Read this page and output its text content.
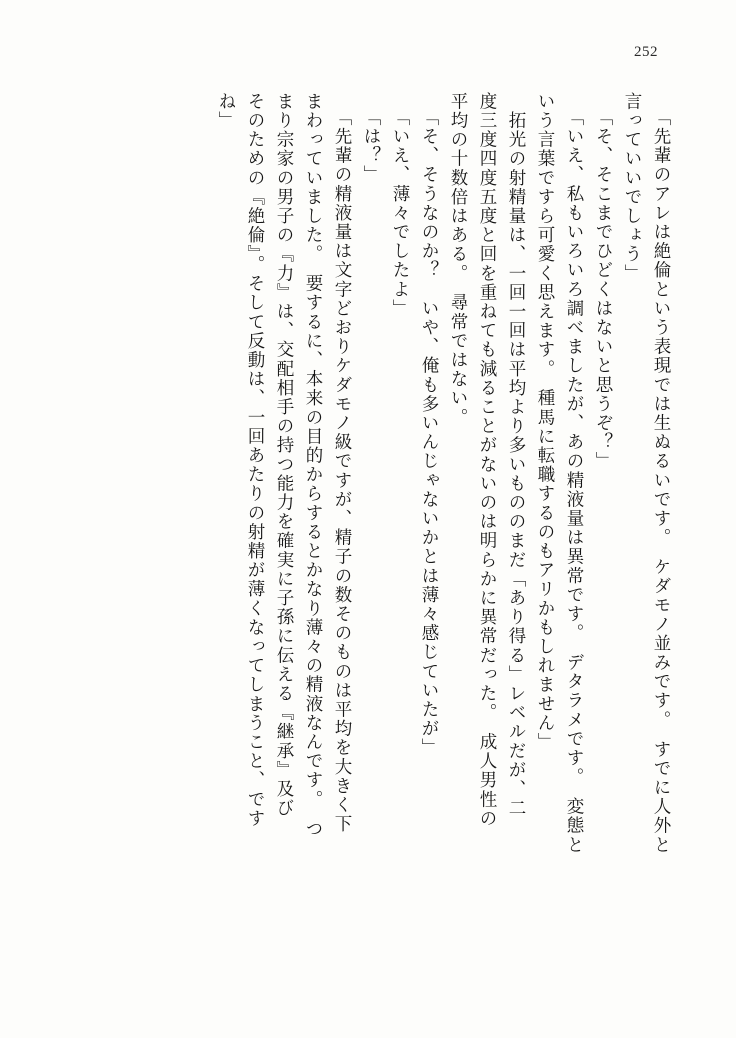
252
「先輩のアレは絶倫という表現では生ぬるいです。　ケダモノ並みです。　すでに人外と
言っていいでしょう」
「そ、そこまでひどくはないと思うぞ？」
「いえ、私もいろいろ調べましたが、あの精液量は異常です。　デタラメです。　変態と
いう言葉ですら可愛く思えます。　種馬に転職するのもアリかもしれません」
　拓光の射精量は、一回一回は平均より多いもののまだ「あり得る」レベルだが、二
度三度四度五度と回を重ねても減ることがないのは明らかに異常だった。　成人男性の
平均の十数倍はある。　尋常ではない。
「そ、そうなのか？　いや、俺も多いんじゃないかとは薄々感じていたが」
「いえ、薄々でしたよ」
「は？」
「先輩の精液量は文字どおりケダモノ級ですが、精子の数そのものは平均を大きく下
まわっていました。　要するに、本来の目的からするとかなり薄々の精液なんです。　つ
まり宗家の男子の『力』は、交配相手の持つ能力を確実に子孫に伝える『継承』及び
そのための『絶倫』。そして反動は、一回あたりの射精が薄くなってしまうこと、です
ね」
